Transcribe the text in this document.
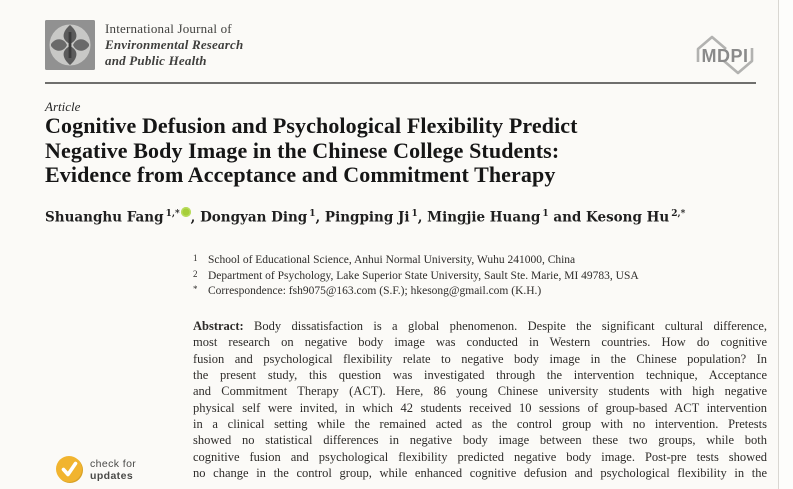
International Journal of
Environmental Research
and Public Health	MDPI
Article
Cognitive Defusion and Psychological Flexibility Predict
Negative Body Image in the Chinese College Students:
Evidence from Acceptance and Commitment Therapy
Shuanghu Fang $^{1,*}$ , Dongyan Ding $^1$, Pingping Ji $^1$, Mingjie Huang $^1$ and Kesong Hu $^{2,*}$
1 School of Educational Science, Anhui Normal University, Wuhu 241000, China
2 Department of Psychology, Lake Superior State University, Sault Ste. Marie, MI 49783, USA
* Correspondence: fsh9075@163.com (S.F.); hkesong@gmail.com (K.H.)
Abstract: Body dissatisfaction is a global phenomenon. Despite the significant cultural difference,
most research on negative body image was conducted in Western countries. How do cognitive
fusion and psychological flexibility relate to negative body image in the Chinese population? In
the present study, this question was investigated through the intervention technique, Acceptance
and Commitment Therapy (ACT). Here, 86 young Chinese university students with high negative
physical self were invited, in which 42 students received 10 sessions of group-based ACT intervention
in a clinical setting while the remained acted as the control group with no intervention. Pretests
showed no statistical differences in negative body image between these two groups, while both
cognitive fusion and psychological flexibility predicted negative body image. Post-pre tests showed
no change in the control group, while enhanced cognitive defusion and psychological flexibility in the
check for
updates
